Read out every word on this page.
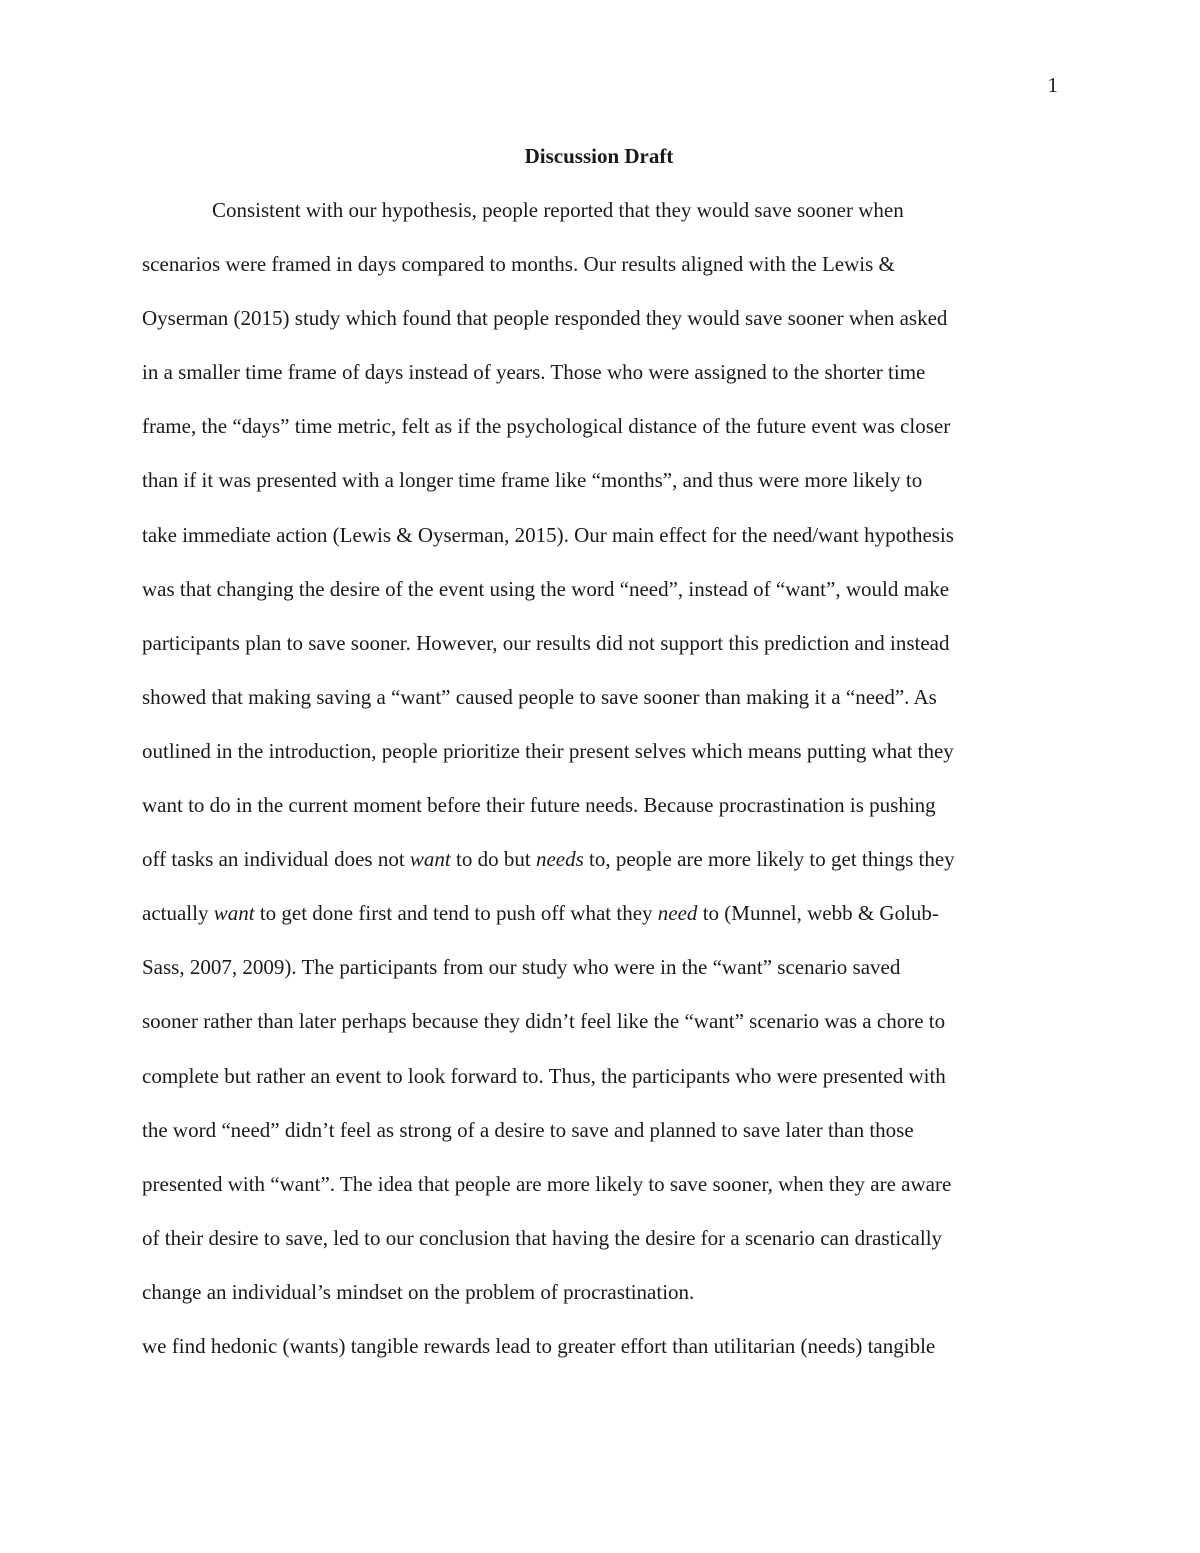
1
Discussion Draft
Consistent with our hypothesis, people reported that they would save sooner when
scenarios were framed in days compared to months. Our results aligned with the Lewis &
Oyserman (2015) study which found that people responded they would save sooner when asked
in a smaller time frame of days instead of years. Those who were assigned to the shorter time
frame, the “days” time metric, felt as if the psychological distance of the future event was closer
than if it was presented with a longer time frame like “months”, and thus were more likely to
take immediate action (Lewis & Oyserman, 2015). Our main effect for the need/want hypothesis
was that changing the desire of the event using the word “need”, instead of “want”, would make
participants plan to save sooner. However, our results did not support this prediction and instead
showed that making saving a “want” caused people to save sooner than making it a “need”. As
outlined in the introduction, people prioritize their present selves which means putting what they
want to do in the current moment before their future needs. Because procrastination is pushing
off tasks an individual does not want to do but needs to, people are more likely to get things they
actually want to get done first and tend to push off what they need to (Munnel, webb & Golub-
Sass, 2007, 2009). The participants from our study who were in the “want” scenario saved
sooner rather than later perhaps because they didn’t feel like the “want” scenario was a chore to
complete but rather an event to look forward to. Thus, the participants who were presented with
the word “need” didn’t feel as strong of a desire to save and planned to save later than those
presented with “want”. The idea that people are more likely to save sooner, when they are aware
of their desire to save, led to our conclusion that having the desire for a scenario can drastically
change an individual’s mindset on the problem of procrastination.
we find hedonic (wants) tangible rewards lead to greater effort than utilitarian (needs) tangible
